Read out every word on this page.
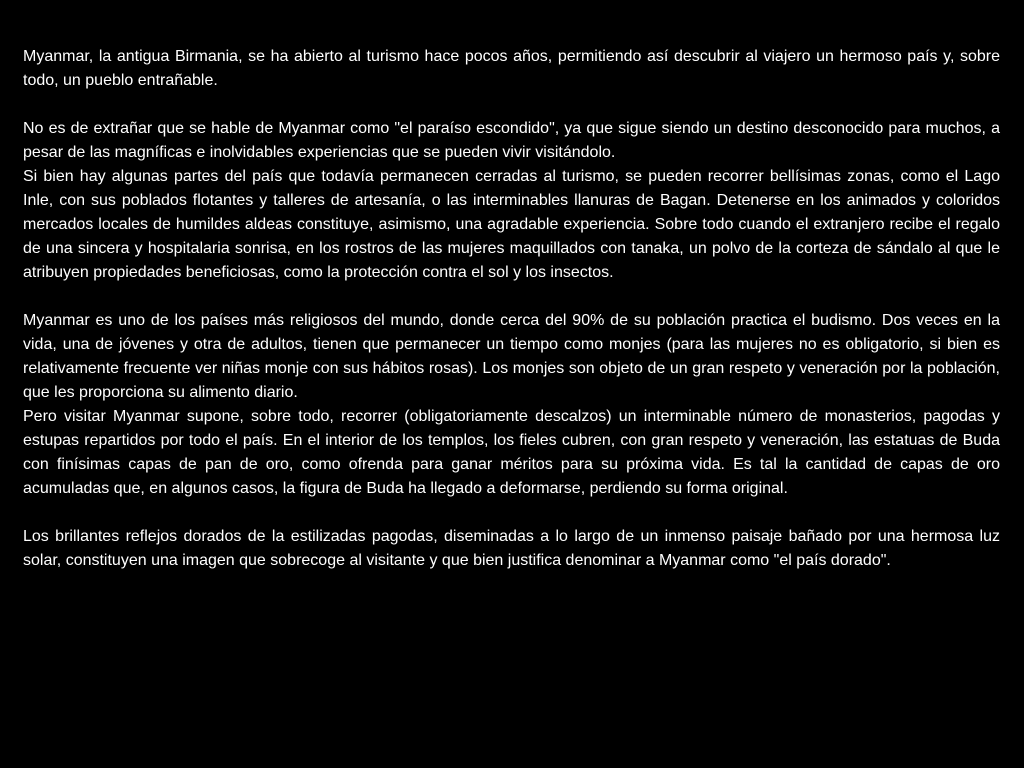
Myanmar, la antigua Birmania, se ha abierto al turismo hace pocos años, permitiendo así descubrir al viajero un hermoso país y, sobre todo, un pueblo entrañable.

No es de extrañar que se hable de Myanmar como "el paraíso escondido", ya que sigue siendo un destino desconocido para muchos, a pesar de las magníficas e inolvidables experiencias que se pueden vivir visitándolo.

Si bien hay algunas partes del país que todavía permanecen cerradas al turismo, se pueden recorrer bellísimas zonas, como el Lago Inle, con sus poblados flotantes y talleres de artesanía, o las interminables llanuras de Bagan. Detenerse en los animados y coloridos mercados locales de humildes aldeas constituye, asimismo, una agradable experiencia. Sobre todo cuando el extranjero recibe el regalo de una sincera y hospitalaria sonrisa, en los rostros de las mujeres maquillados con tanaka, un polvo de la corteza de sándalo al que le atribuyen propiedades beneficiosas, como la protección contra el sol y los insectos.

Myanmar es uno de los países más religiosos del mundo, donde cerca del 90% de su población practica el budismo. Dos veces en la vida, una de jóvenes y otra de adultos, tienen que permanecer un tiempo como monjes (para las mujeres no es obligatorio, si bien es relativamente frecuente ver niñas monje con sus hábitos rosas). Los monjes son objeto de un gran respeto y veneración por la población, que les proporciona su alimento diario.

Pero visitar Myanmar supone, sobre todo, recorrer (obligatoriamente descalzos) un interminable número de monasterios, pagodas y estupas repartidos por todo el país. En el interior de los templos, los fieles cubren, con gran respeto y veneración, las estatuas de Buda con finísimas capas de pan de oro, como ofrenda para ganar méritos para su próxima vida. Es tal la cantidad de capas de oro acumuladas que, en algunos casos, la figura de Buda ha llegado a deformarse, perdiendo su forma original.

Los brillantes reflejos dorados de la estilizadas pagodas, diseminadas a lo largo de un inmenso paisaje bañado por una hermosa luz solar, constituyen una imagen que sobrecoge al visitante y que bien justifica denominar a Myanmar como "el país dorado".
